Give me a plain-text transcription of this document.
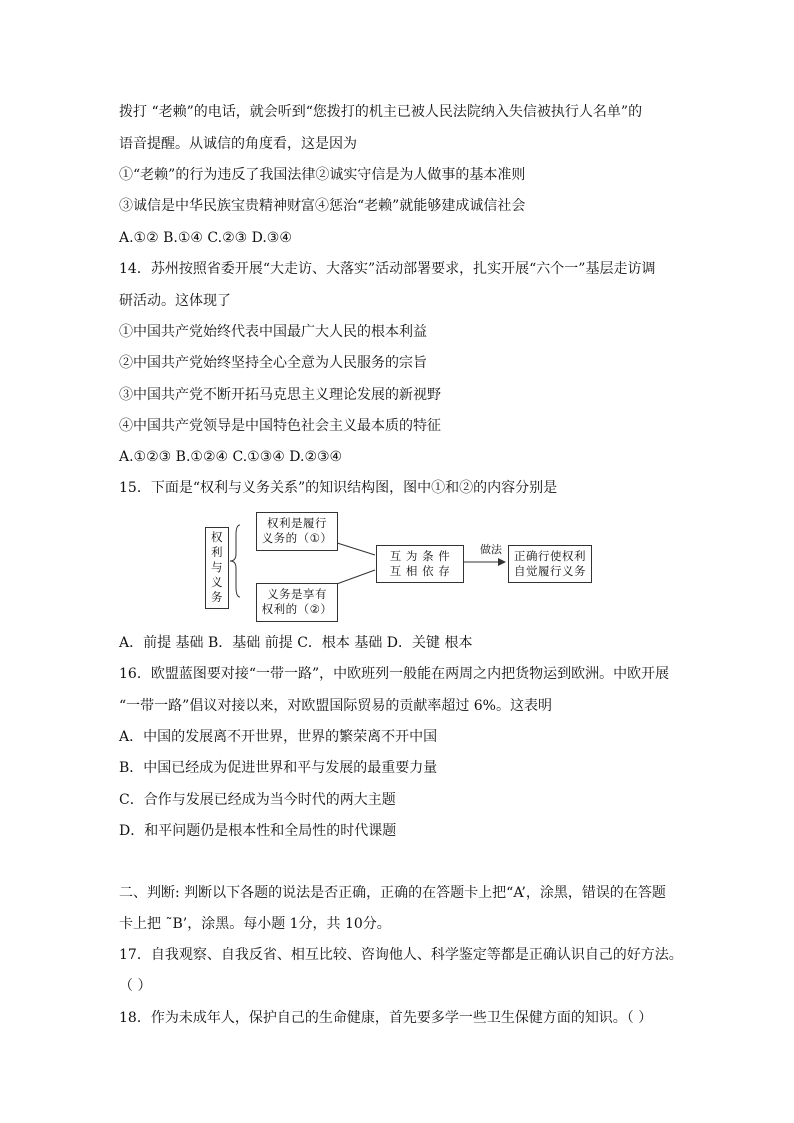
拨打 “老赖”的电话，就会听到“您拨打的机主已被人民法院纳入失信被执行人名单”的
语音提醒。从诚信的角度看，这是因为
①“老赖”的行为违反了我国法律②诚实守信是为人做事的基本准则
③诚信是中华民族宝贵精神财富④惩治“老赖”就能够建成诚信社会
A.①② B.①④ C.②③ D.③④
14．苏州按照省委开展“大走访、大落实”活动部署要求，扎实开展“六个一”基层走访调
研活动。这体现了
①中国共产党始终代表中国最广大人民的根本利益
②中国共产党始终坚持全心全意为人民服务的宗旨
③中国共产党不断开拓马克思主义理论发展的新视野
④中国共产党领导是中国特色社会主义最本质的特征
A.①②③ B.①②④ C.①③④ D.②③④
15．下面是“权利与义务关系”的知识结构图，图中①和②的内容分别是
权
利
与
义
务
权利是履行
义务的（①）
义务是享有
权利的（②）
互 为 条 件
互 相 依 存
做法	正确行使权利
自觉履行义务
A．前提 基础 B．基础 前提 C．根本 基础 D．关键 根本
16．欧盟蓝图要对接“一带一路”，中欧班列一般能在两周之内把货物运到欧洲。中欧开展
“一带一路”倡议对接以来，对欧盟国际贸易的贡献率超过 6%。这表明
A．中国的发展离不开世界，世界的繁荣离不开中国
B．中国已经成为促进世界和平与发展的最重要力量
C．合作与发展已经成为当今时代的两大主题
D．和平问题仍是根本性和全局性的时代课题
二、判断: 判断以下各题的说法是否正确，正确的在答题卡上把“A’，涂黑，错误的在答题
卡上把 ˜B’，涂黑。每小题 1分，共 10分。
17．自我观察、自我反省、相互比较、咨询他人、科学鉴定等都是正确认识自己的好方法。
（ ）
18．作为未成年人，保护自己的生命健康，首先要多学一些卫生保健方面的知识。（ ）
